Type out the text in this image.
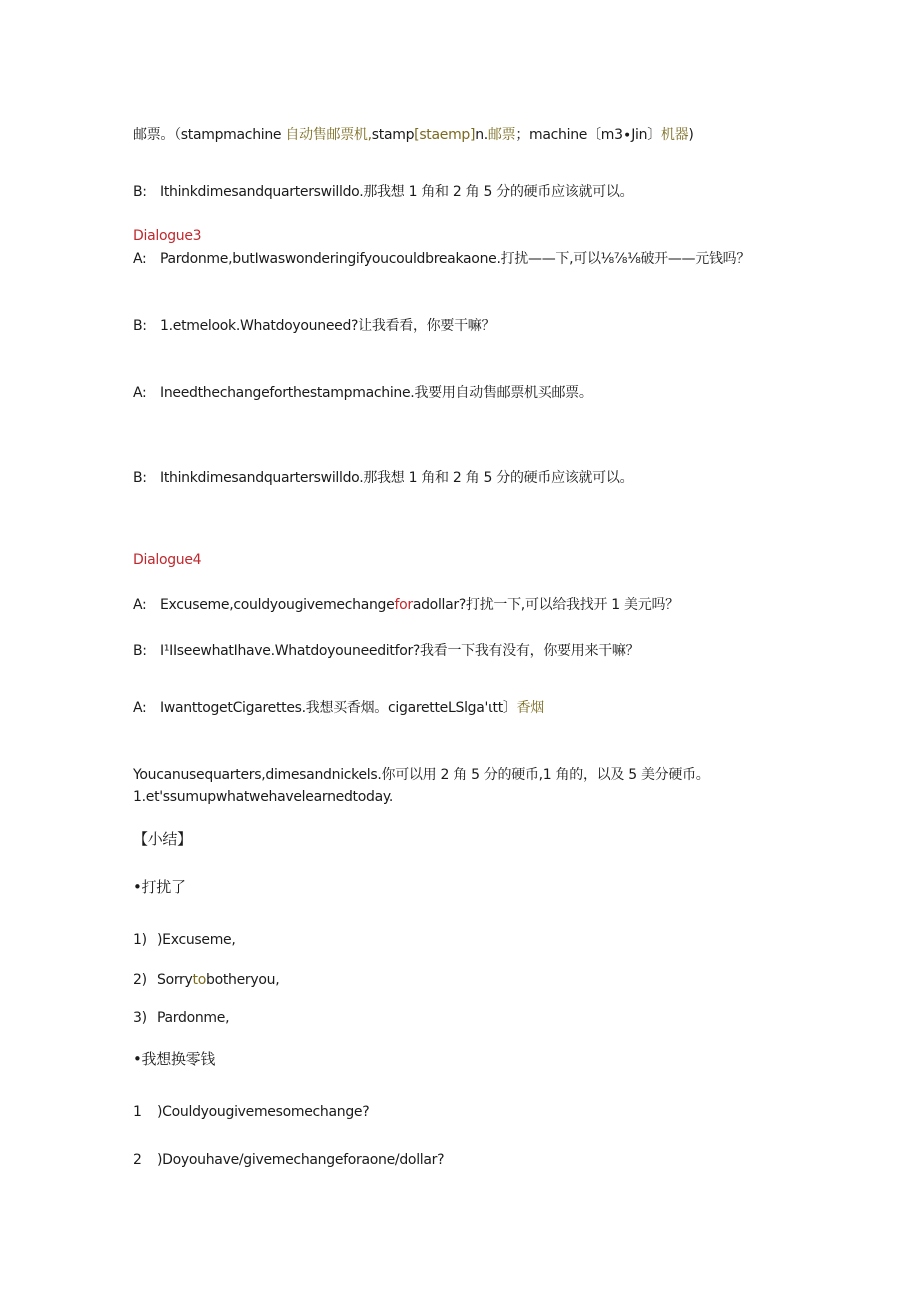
邮票。（stampmachine 自动售邮票机,stamp[staemp]n.邮票；machine〔m3∙Jin〕机器)
B: Ithinkdimesandquarterswilldo.那我想 1 角和 2 角 5 分的硬币应该就可以。
Dialogue3
A: Pardonme,butIwaswonderingifyoucouldbreakaone.打扰——下,可以⅛⅞⅛破开——元钱吗？
B: 1.etmelook.Whatdoyouneed?让我看看，你要干嘛？
A: Ineedthechangeforthestampmachine.我要用自动售邮票机买邮票。
B: Ithinkdimesandquarterswilldo.那我想 1 角和 2 角 5 分的硬币应该就可以。
Dialogue4
A: Excuseme,couldyougivemechangeforadollar?打扰一下,可以给我找开 1 美元吗？
B: I¹IIseewhatIhave.Whatdoyouneeditfor?我看一下我有没有，你要用来干嘛？
A: IwanttogetCigarettes.我想买香烟。cigaretteLSlga'ιtt〕香烟
Youcanusequarters,dimesandnickels.你可以用 2 角 5 分的硬币,1 角的，以及 5 美分硬币。
1.et'ssumupwhatwehavelearnedtoday.
【小结】
•打扰了
1) )Excuseme,
2) Sorrytobotheryou,
3) Pardonme,
•我想换零钱
1 )Couldyougivemesomechange?
2 )Doyouhave/givemechangeforaone/dollar?
